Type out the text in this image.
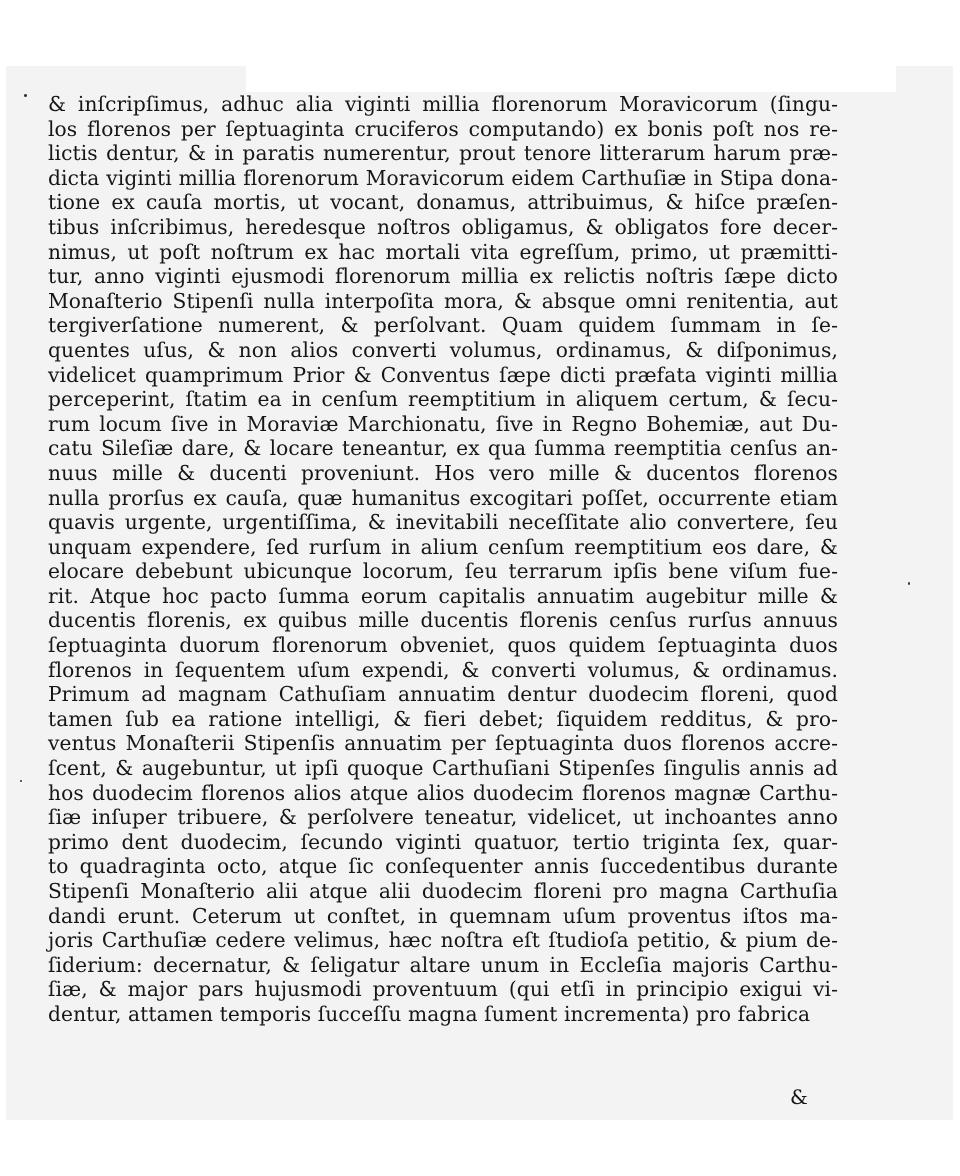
& inſcripſimus, adhuc alia viginti millia florenorum Moravicorum (ſingu-
los florenos per ſeptuaginta cruciferos computando) ex bonis poſt nos re-
lictis dentur, & in paratis numerentur, prout tenore litterarum harum præ-
dicta viginti millia florenorum Moravicorum eidem Carthuſiæ in Stipa dona-
tione ex cauſa mortis, ut vocant, donamus, attribuimus, & hiſce præſen-
tibus inſcribimus, heredesque noſtros obligamus, & obligatos fore decer-
nimus, ut poſt noſtrum ex hac mortali vita egreſſum, primo, ut præmitti-
tur, anno viginti ejusmodi florenorum millia ex relictis noſtris ſæpe dicto
Monaſterio Stipenſi nulla interpoſita mora, & absque omni renitentia, aut
tergiverſatione numerent, & perſolvant. Quam quidem ſummam in ſe-
quentes uſus, & non alios converti volumus, ordinamus, & diſponimus,
videlicet quamprimum Prior & Conventus ſæpe dicti præfata viginti millia
perceperint, ſtatim ea in cenſum reemptitium in aliquem certum, & ſecu-
rum locum ſive in Moraviæ Marchionatu, ſive in Regno Bohemiæ, aut Du-
catu Sileſiæ dare, & locare teneantur, ex qua ſumma reemptitia cenſus an-
nuus mille & ducenti proveniunt. Hos vero mille & ducentos florenos
nulla prorſus ex cauſa, quæ humanitus excogitari poſſet, occurrente etiam
quavis urgente, urgentiſſima, & inevitabili neceſſitate alio convertere, ſeu
unquam expendere, ſed rurſum in alium cenſum reemptitium eos dare, &
elocare debebunt ubicunque locorum, ſeu terrarum ipſis bene viſum fue-
rit. Atque hoc pacto ſumma eorum capitalis annuatim augebitur mille &
ducentis florenis, ex quibus mille ducentis florenis cenſus rurſus annuus
ſeptuaginta duorum florenorum obveniet, quos quidem ſeptuaginta duos
florenos in ſequentem uſum expendi, & converti volumus, & ordinamus.
Primum ad magnam Cathuſiam annuatim dentur duodecim floreni, quod
tamen ſub ea ratione intelligi, & fieri debet; ſiquidem redditus, & pro-
ventus Monaſterii Stipenſis annuatim per ſeptuaginta duos florenos accre-
ſcent, & augebuntur, ut ipſi quoque Carthuſiani Stipenſes ſingulis annis ad
hos duodecim florenos alios atque alios duodecim florenos magnæ Carthu-
ſiæ inſuper tribuere, & perſolvere teneatur, videlicet, ut inchoantes anno
primo dent duodecim, ſecundo viginti quatuor, tertio triginta ſex, quar-
to quadraginta octo, atque ſic conſequenter annis ſuccedentibus durante
Stipenſi Monaſterio alii atque alii duodecim floreni pro magna Carthuſia
dandi erunt. Ceterum ut conſtet, in quemnam uſum proventus iſtos ma-
joris Carthuſiæ cedere velimus, hæc noſtra eſt ſtudioſa petitio, & pium de-
ſiderium: decernatur, & ſeligatur altare unum in Eccleſia majoris Carthu-
ſiæ, & major pars hujusmodi proventuum (qui etſi in principio exigui vi-
dentur, attamen temporis ſucceſſu magna ſument incrementa) pro fabrica
&
